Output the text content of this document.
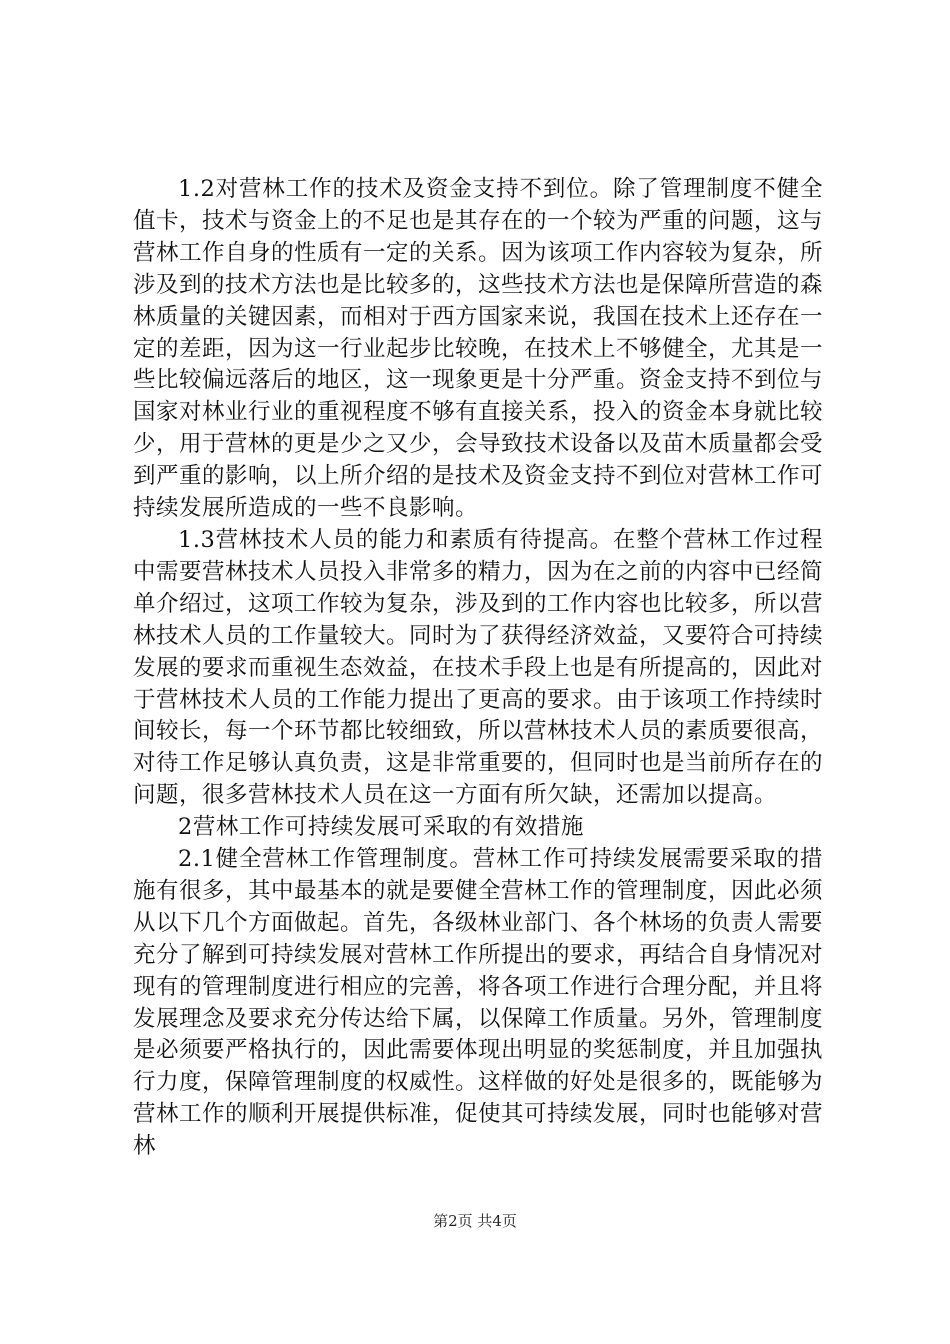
1.2对营林工作的技术及资金支持不到位。除了管理制度不健全值卡，技术与资金上的不足也是其存在的一个较为严重的问题，这与营林工作自身的性质有一定的关系。因为该项工作内容较为复杂，所涉及到的技术方法也是比较多的，这些技术方法也是保障所营造的森林质量的关键因素，而相对于西方国家来说，我国在技术上还存在一定的差距，因为这一行业起步比较晚，在技术上不够健全，尤其是一些比较偏远落后的地区，这一现象更是十分严重。资金支持不到位与国家对林业行业的重视程度不够有直接关系，投入的资金本身就比较少，用于营林的更是少之又少，会导致技术设备以及苗木质量都会受到严重的影响，以上所介绍的是技术及资金支持不到位对营林工作可持续发展所造成的一些不良影响。

1.3营林技术人员的能力和素质有待提高。在整个营林工作过程中需要营林技术人员投入非常多的精力，因为在之前的内容中已经简单介绍过，这项工作较为复杂，涉及到的工作内容也比较多，所以营林技术人员的工作量较大。同时为了获得经济效益，又要符合可持续发展的要求而重视生态效益，在技术手段上也是有所提高的，因此对于营林技术人员的工作能力提出了更高的要求。由于该项工作持续时间较长，每一个环节都比较细致，所以营林技术人员的素质要很高，对待工作足够认真负责，这是非常重要的，但同时也是当前所存在的问题，很多营林技术人员在这一方面有所欠缺，还需加以提高。

2营林工作可持续发展可采取的有效措施

2.1健全营林工作管理制度。营林工作可持续发展需要采取的措施有很多，其中最基本的就是要健全营林工作的管理制度，因此必须从以下几个方面做起。首先，各级林业部门、各个林场的负责人需要充分了解到可持续发展对营林工作所提出的要求，再结合自身情况对现有的管理制度进行相应的完善，将各项工作进行合理分配，并且将发展理念及要求充分传达给下属，以保障工作质量。另外，管理制度是必须要严格执行的，因此需要体现出明显的奖惩制度，并且加强执行力度，保障管理制度的权威性。这样做的好处是很多的，既能够为营林工作的顺利开展提供标准，促使其可持续发展，同时也能够对营林

第2页 共4页
